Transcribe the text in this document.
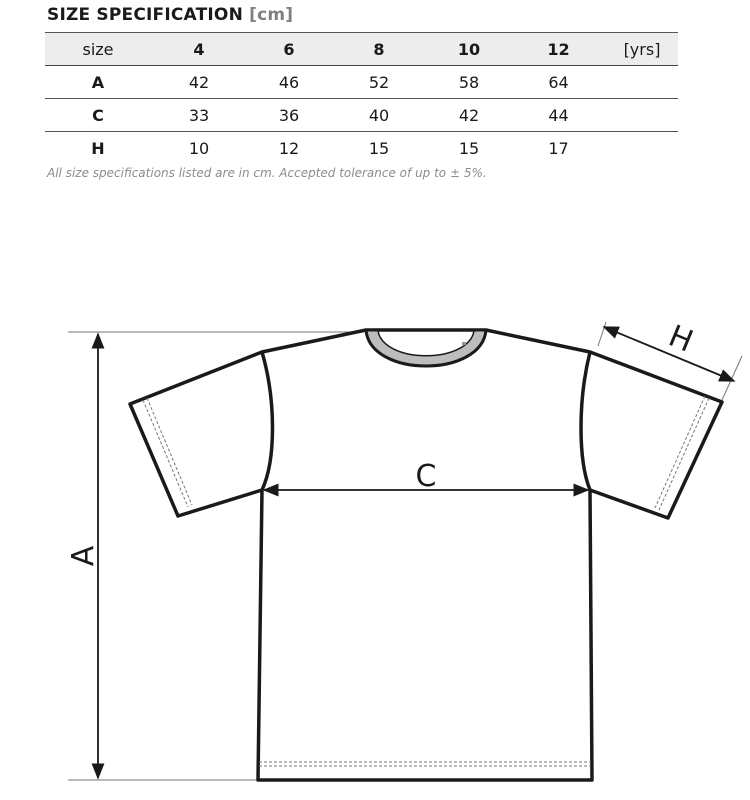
SIZE SPECIFICATION [cm]
size	4	6	8	10	12	[yrs]
A	42	46	52	58	64	
C	33	36	40	42	44	
H	10	12	15	15	17	
All size specifications listed are in cm. Accepted tolerance of up to ± 5%.
A
C
H
